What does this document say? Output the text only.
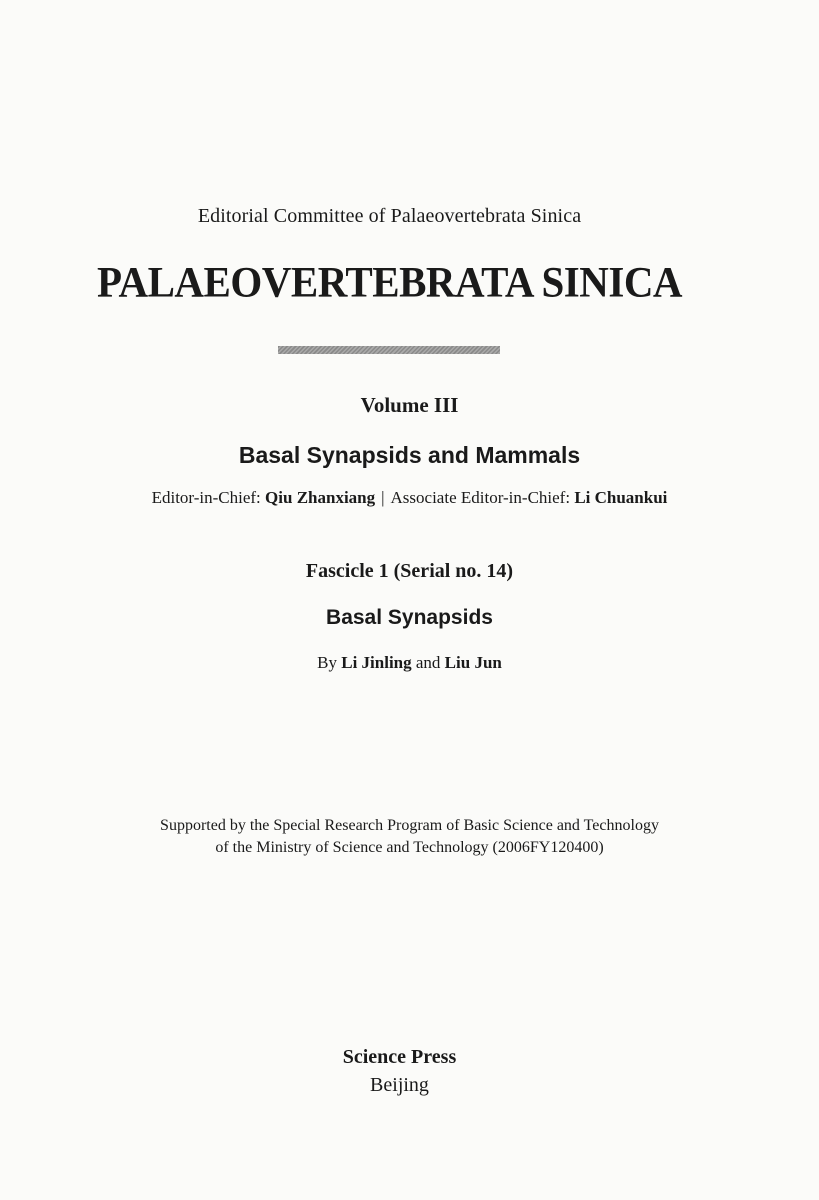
Editorial Committee of Palaeovertebrata Sinica
PALAEOVERTEBRATA SINICA
Volume III
Basal Synapsids and Mammals
Editor-in-Chief: Qiu Zhanxiang | Associate Editor-in-Chief: Li Chuankui
Fascicle 1 (Serial no. 14)
Basal Synapsids
By Li Jinling and Liu Jun
Supported by the Special Research Program of Basic Science and Technology
of the Ministry of Science and Technology (2006FY120400)
Science Press
Beijing
